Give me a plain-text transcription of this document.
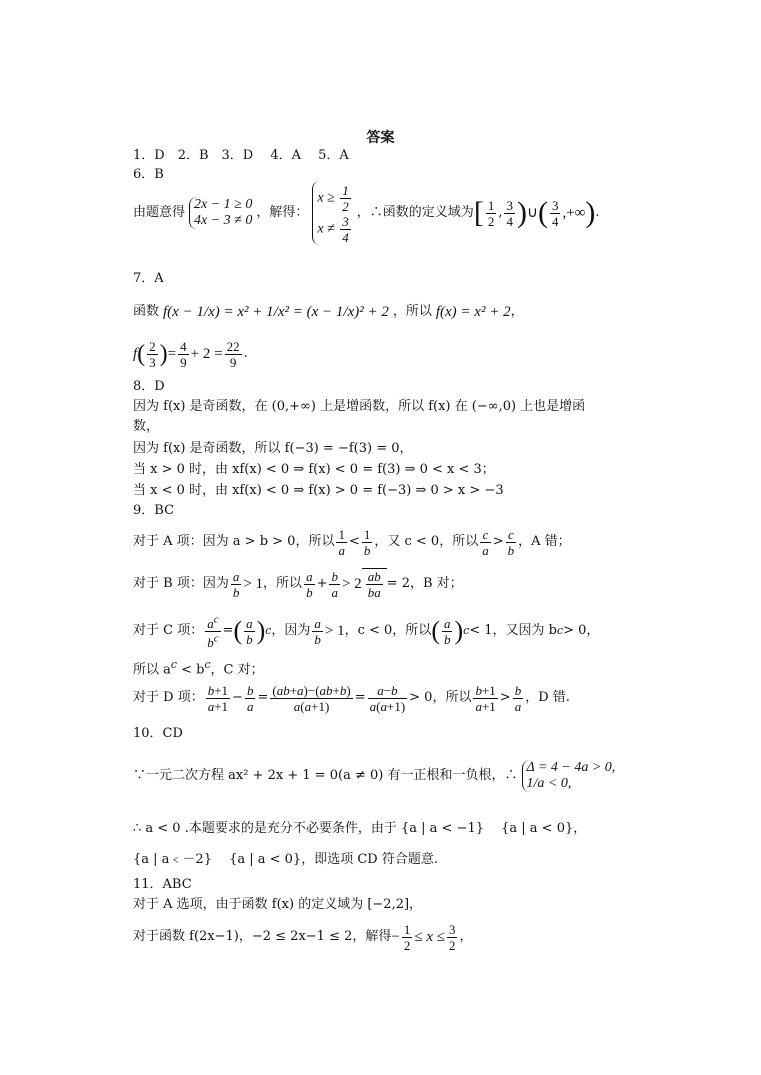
答案
1．D　2．B　3．D　 4．A　 5．A
6．B
由题意得
2x − 1 ≥ 0
4x − 3 ≠ 0
，解得：
$x \ge \frac{1}{2}$
$x \ne \frac{3}{4}$
，∴函数的定义域为 [ $\frac{1}{2}$ , $\frac{3}{4}$ ) ∪ ( $\frac{3}{4}$ ,+∞ ) .
7．A
函数 f(x − 1/x) = x² + 1/x² = (x − 1/x)² + 2 ，所以 f(x) = x² + 2 ，
f ( $\frac{2}{3}$ ) = $\frac{4}{9} + 2 = \frac{22}{9}$ .
8．D
因为 f(x) 是奇函数，在 (0,+∞) 上是增函数，所以 f(x) 在 (−∞,0) 上也是增函
数，
因为 f(x) 是奇函数，所以 f(−3) = −f(3) = 0，
当 x > 0 时，由 xf(x) < 0 ⇒ f(x) < 0 = f(3) ⇒ 0 < x < 3；
当 x < 0 时，由 xf(x) < 0 ⇒ f(x) > 0 = f(−3) ⇒ 0 > x > −3
9．BC
对于 A 项：因为 a > b > 0，所以 $\frac{1}{a} < \frac{1}{b}$ ，又 c < 0，所以 $\frac{c}{a} > \frac{c}{b}$ ，A 错；
对于 B 项：因为 $\frac{a}{b} > 1$ ，所以 $\frac{a}{b} + \frac{b}{a} > 2 \frac{ab}{ba} = 2$，B 对；
对于 C 项： $\frac{a^c}{b^c}$ = ( $\frac{a}{b}$ ) c ，因为 $\frac{a}{b} > 1$ ，c < 0，所以 ( $\frac{a}{b}$ ) c < 1，又因为 b c > 0，
所以 $a^c < b^c$，C 对；
对于 D 项： $\frac{b+1}{a+1} - \frac{b}{a} = \frac{(ab+a)-(ab+b)}{a(a+1)} = \frac{a-b}{a(a+1)} > 0$，所以 $\frac{b+1}{a+1} > \frac{b}{a}$ ，D 错.
10．CD
∵一元二次方程 ax² + 2x + 1 = 0(a ≠ 0) 有一正根和一负根，∴
Δ = 4 − 4a > 0,
1/a < 0,
∴ a < 0 .本题要求的是充分不必要条件，由于 {a | a < −1}　 {a | a < 0}，
{a | a﹤－2}　 {a | a < 0}，即选项 CD 符合题意.
11．ABC
对于 A 选项，由于函数 f(x) 的定义域为 [−2,2]，
对于函数 f(2x−1)，−2 ≤ 2x−1 ≤ 2，解得 − $\frac{1}{2} \le x \le \frac{3}{2}$ ，
